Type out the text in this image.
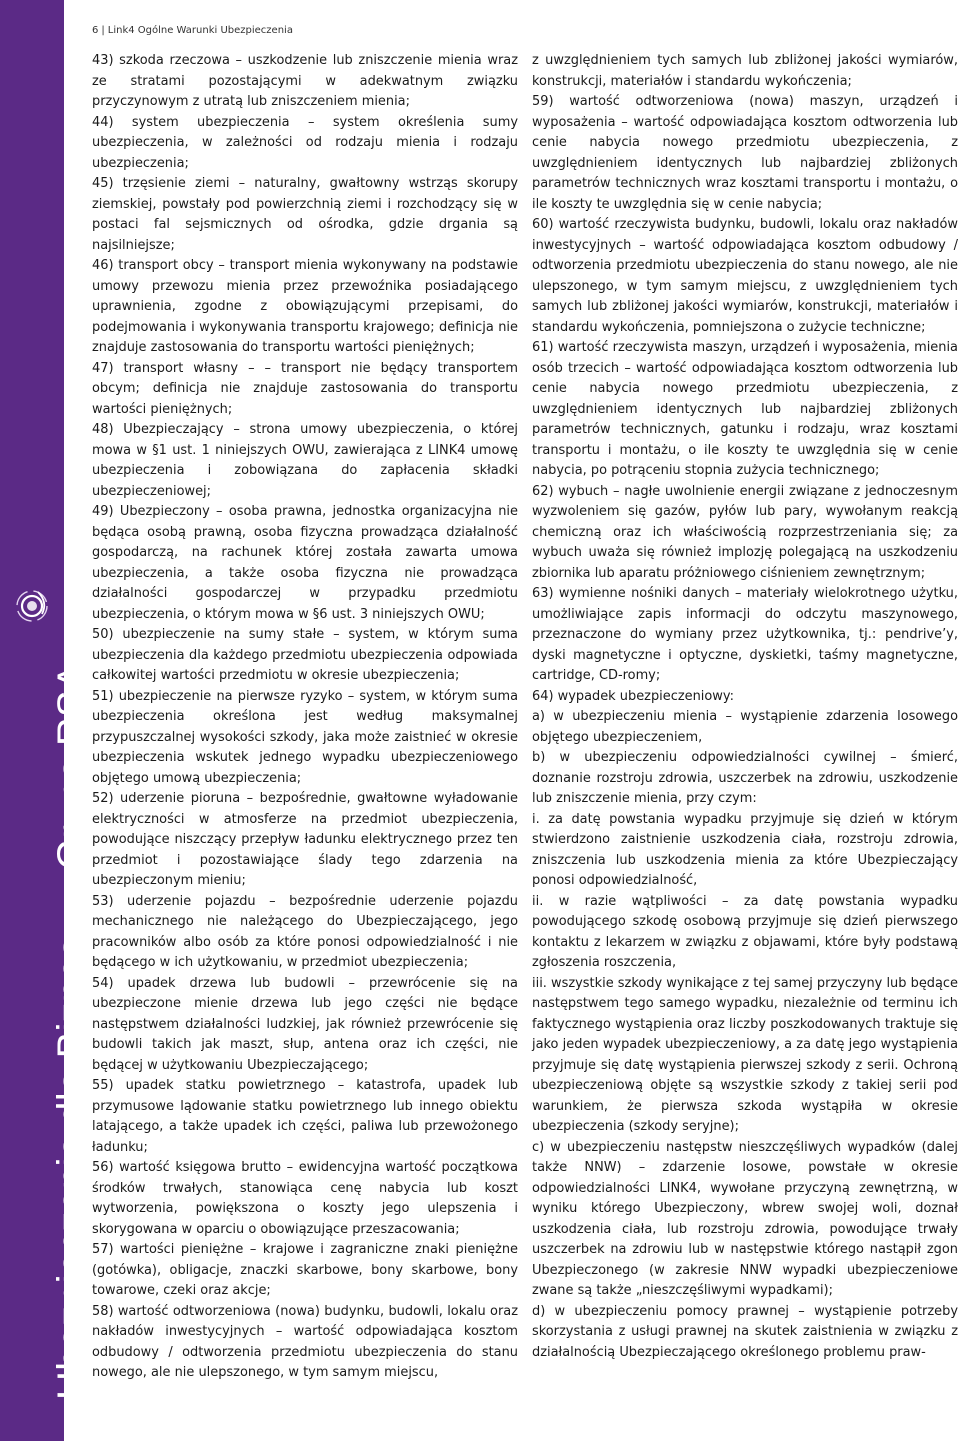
Ubezpieczenia dla Biznesu – Grupa RSA
6 | Link4 Ogólne Warunki Ubezpieczenia

43) szkoda rzeczowa – uszkodzenie lub zniszczenie mienia wraz ze stratami pozostającymi w adekwatnym związku przyczynowym z utratą lub zniszczeniem mienia;

44) system ubezpieczenia – system określenia sumy ubezpieczenia, w zależności od rodzaju mienia i rodzaju ubezpieczenia;

45) trzęsienie ziemi – naturalny, gwałtowny wstrząs skorupy ziemskiej, powstały pod powierzchnią ziemi i rozchodzący się w postaci fal sejsmicznych od ośrodka, gdzie drgania są najsilniejsze;

46) transport obcy – transport mienia wykonywany na podstawie umowy przewozu mienia przez przewoźnika posiadającego uprawnienia, zgodne z obowiązującymi przepisami, do podejmowania i wykonywania transportu krajowego; definicja nie znajduje zastosowania do transportu wartości pieniężnych;

47) transport własny – – transport nie będący transportem obcym; definicja nie znajduje zastosowania do transportu wartości pieniężnych;

48) Ubezpieczający – strona umowy ubezpieczenia, o której mowa w §1 ust. 1 niniejszych OWU, zawierająca z LINK4 umowę ubezpieczenia i zobowiązana do zapłacenia składki ubezpieczeniowej;

49) Ubezpieczony – osoba prawna, jednostka organizacyjna nie będąca osobą prawną, osoba fizyczna prowadząca działalność gospodarczą, na rachunek której została zawarta umowa ubezpieczenia, a także osoba fizyczna nie prowadząca działalności gospodarczej w przypadku przedmiotu ubezpieczenia, o którym mowa w §6 ust. 3 niniejszych OWU;

50) ubezpieczenie na sumy stałe – system, w którym suma ubezpieczenia dla każdego przedmiotu ubezpieczenia odpowiada całkowitej wartości przedmiotu w okresie ubezpieczenia;

51) ubezpieczenie na pierwsze ryzyko – system, w którym suma ubezpieczenia określona jest według maksymalnej przypuszczalnej wysokości szkody, jaka może zaistnieć w okresie ubezpieczenia wskutek jednego wypadku ubezpieczeniowego objętego umową ubezpieczenia;

52) uderzenie pioruna – bezpośrednie, gwałtowne wyładowanie elektryczności w atmosferze na przedmiot ubezpieczenia, powodujące niszczący przepływ ładunku elektrycznego przez ten przedmiot i pozostawiające ślady tego zdarzenia na ubezpieczonym mieniu;

53) uderzenie pojazdu – bezpośrednie uderzenie pojazdu mechanicznego nie należącego do Ubezpieczającego, jego pracowników albo osób za które ponosi odpowiedzialność i nie będącego w ich użytkowaniu, w przedmiot ubezpieczenia;

54) upadek drzewa lub budowli – przewrócenie się na ubezpieczone mienie drzewa lub jego części nie będące następstwem działalności ludzkiej, jak również przewrócenie się budowli takich jak maszt, słup, antena oraz ich części, nie będącej w użytkowaniu Ubezpieczającego;

55) upadek statku powietrznego – katastrofa, upadek lub przymusowe lądowanie statku powietrznego lub innego obiektu latającego, a także upadek ich części, paliwa lub przewożonego ładunku;

56) wartość księgowa brutto – ewidencyjna wartość początkowa środków trwałych, stanowiąca cenę nabycia lub koszt wytworzenia, powiększona o koszty jego ulepszenia i skorygowana w oparciu o obowiązujące przeszacowania;

57) wartości pieniężne – krajowe i zagraniczne znaki pieniężne (gotówka), obligacje, znaczki skarbowe, bony skarbowe, bony towarowe, czeki oraz akcje;

58) wartość odtworzeniowa (nowa) budynku, budowli, lokalu oraz nakładów inwestycyjnych – wartość odpowiadająca kosztom odbudowy / odtworzenia przedmiotu ubezpieczenia do stanu nowego, ale nie ulepszonego, w tym samym miejscu,

z uwzględnieniem tych samych lub zbliżonej jakości wymiarów, konstrukcji, materiałów i standardu wykończenia;

59) wartość odtworzeniowa (nowa) maszyn, urządzeń i wyposażenia – wartość odpowiadająca kosztom odtworzenia lub cenie nabycia nowego przedmiotu ubezpieczenia, z uwzględnieniem identycznych lub najbardziej zbliżonych parametrów technicznych wraz kosztami transportu i montażu, o ile koszty te uwzględnia się w cenie nabycia;

60) wartość rzeczywista budynku, budowli, lokalu oraz nakładów inwestycyjnych – wartość odpowiadająca kosztom odbudowy / odtworzenia przedmiotu ubezpieczenia do stanu nowego, ale nie ulepszonego, w tym samym miejscu, z uwzględnieniem tych samych lub zbliżonej jakości wymiarów, konstrukcji, materiałów i standardu wykończenia, pomniejszona o zużycie techniczne;

61) wartość rzeczywista maszyn, urządzeń i wyposażenia, mienia osób trzecich – wartość odpowiadająca kosztom odtworzenia lub cenie nabycia nowego przedmiotu ubezpieczenia, z uwzględnieniem identycznych lub najbardziej zbliżonych parametrów technicznych, gatunku i rodzaju, wraz kosztami transportu i montażu, o ile koszty te uwzględnia się w cenie nabycia, po potrąceniu stopnia zużycia technicznego;

62) wybuch – nagłe uwolnienie energii związane z jednoczesnym wyzwoleniem się gazów, pyłów lub pary, wywołanym reakcją chemiczną oraz ich właściwością rozprzestrzeniania się; za wybuch uważa się również implozję polegającą na uszkodzeniu zbiornika lub aparatu próżniowego ciśnieniem zewnętrznym;

63) wymienne nośniki danych – materiały wielokrotnego użytku, umożliwiające zapis informacji do odczytu maszynowego, przeznaczone do wymiany przez użytkownika, tj.: pendrive’y, dyski magnetyczne i optyczne, dyskietki, taśmy magnetyczne, cartridge, CD-romy;

64) wypadek ubezpieczeniowy:

a) w ubezpieczeniu mienia – wystąpienie zdarzenia losowego objętego ubezpieczeniem,

b) w ubezpieczeniu odpowiedzialności cywilnej – śmierć, doznanie rozstroju zdrowia, uszczerbek na zdrowiu, uszkodzenie lub zniszczenie mienia, przy czym:

i. za datę powstania wypadku przyjmuje się dzień w którym stwierdzono zaistnienie uszkodzenia ciała, rozstroju zdrowia, zniszczenia lub uszkodzenia mienia za które Ubezpieczający ponosi odpowiedzialność,

ii. w razie wątpliwości – za datę powstania wypadku powodującego szkodę osobową przyjmuje się dzień pierwszego kontaktu z lekarzem w związku z objawami, które były podstawą zgłoszenia roszczenia,

iii. wszystkie szkody wynikające z tej samej przyczyny lub będące następstwem tego samego wypadku, niezależnie od terminu ich faktycznego wystąpienia oraz liczby poszkodowanych traktuje się jako jeden wypadek ubezpieczeniowy, a za datę jego wystąpienia przyjmuje się datę wystąpienia pierwszej szkody z serii. Ochroną ubezpieczeniową objęte są wszystkie szkody z takiej serii pod warunkiem, że pierwsza szkoda wystąpiła w okresie ubezpieczenia (szkody seryjne);

c) w ubezpieczeniu następstw nieszczęśliwych wypadków (dalej także NNW) – zdarzenie losowe, powstałe w okresie odpowiedzialności LINK4, wywołane przyczyną zewnętrzną, w wyniku którego Ubezpieczony, wbrew swojej woli, doznał uszkodzenia ciała, lub rozstroju zdrowia, powodujące trwały uszczerbek na zdrowiu lub w następstwie którego nastąpił zgon Ubezpieczonego (w zakresie NNW wypadki ubezpieczeniowe zwane są także „nieszczęśliwymi wypadkami);

d) w ubezpieczeniu pomocy prawnej – wystąpienie potrzeby skorzystania z usługi prawnej na skutek zaistnienia w związku z działalnością Ubezpieczającego określonego problemu praw-
